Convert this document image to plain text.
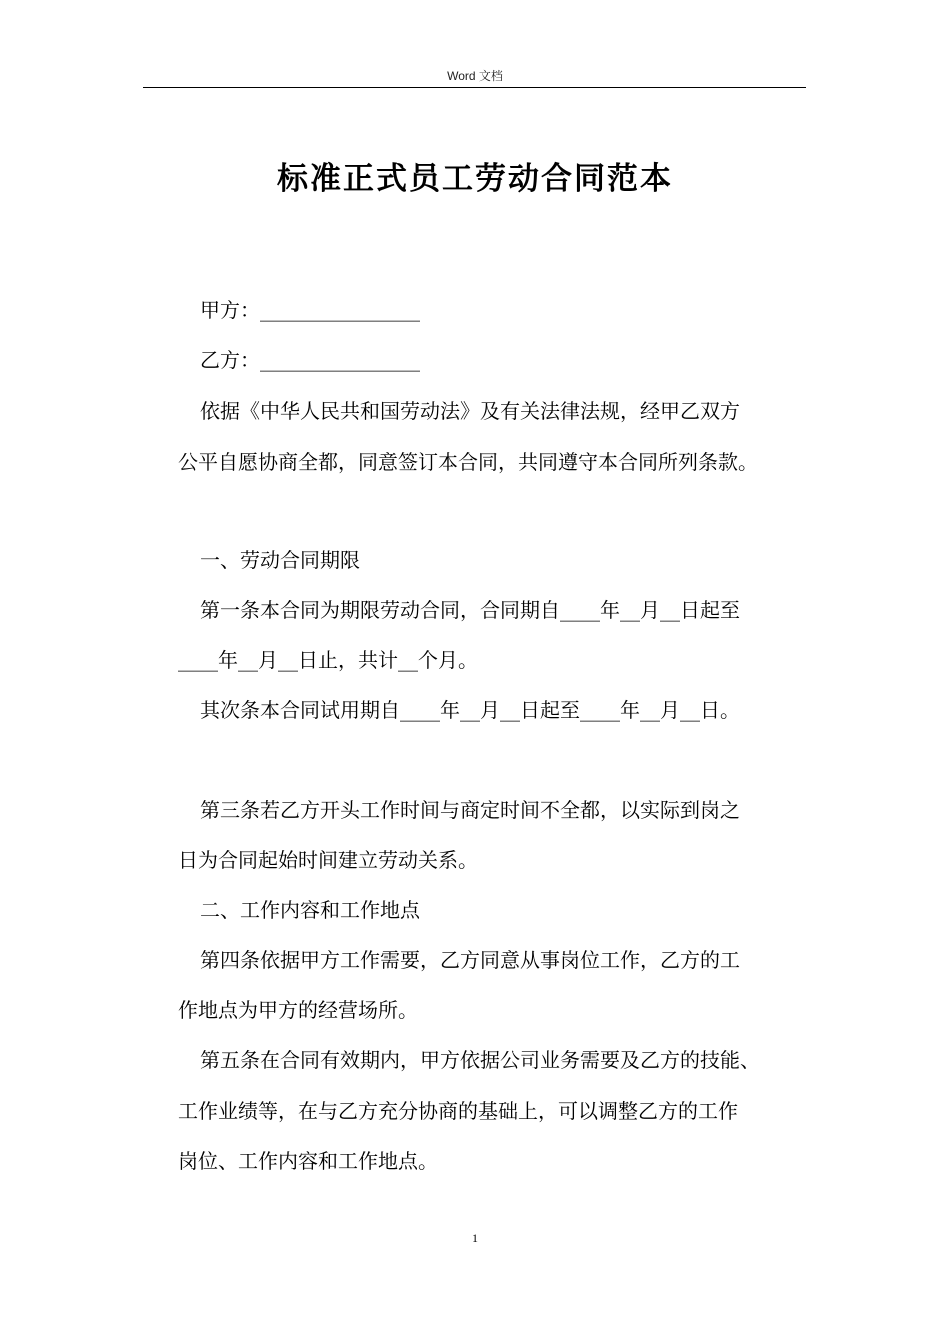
Word 文档
标准正式员工劳动合同范本
甲方：________________
乙方：________________
依据《中华人民共和国劳动法》及有关法律法规，经甲乙双方
公平自愿协商全都，同意签订本合同，共同遵守本合同所列条款。
一、劳动合同期限
第一条本合同为期限劳动合同，合同期自____年__月__日起至
____年__月__日止，共计__个月。
其次条本合同试用期自____年__月__日起至____年__月__日。
第三条若乙方开头工作时间与商定时间不全都，以实际到岗之
日为合同起始时间建立劳动关系。
二、工作内容和工作地点
第四条依据甲方工作需要，乙方同意从事岗位工作，乙方的工
作地点为甲方的经营场所。
第五条在合同有效期内，甲方依据公司业务需要及乙方的技能、
工作业绩等，在与乙方充分协商的基础上，可以调整乙方的工作
岗位、工作内容和工作地点。
1
